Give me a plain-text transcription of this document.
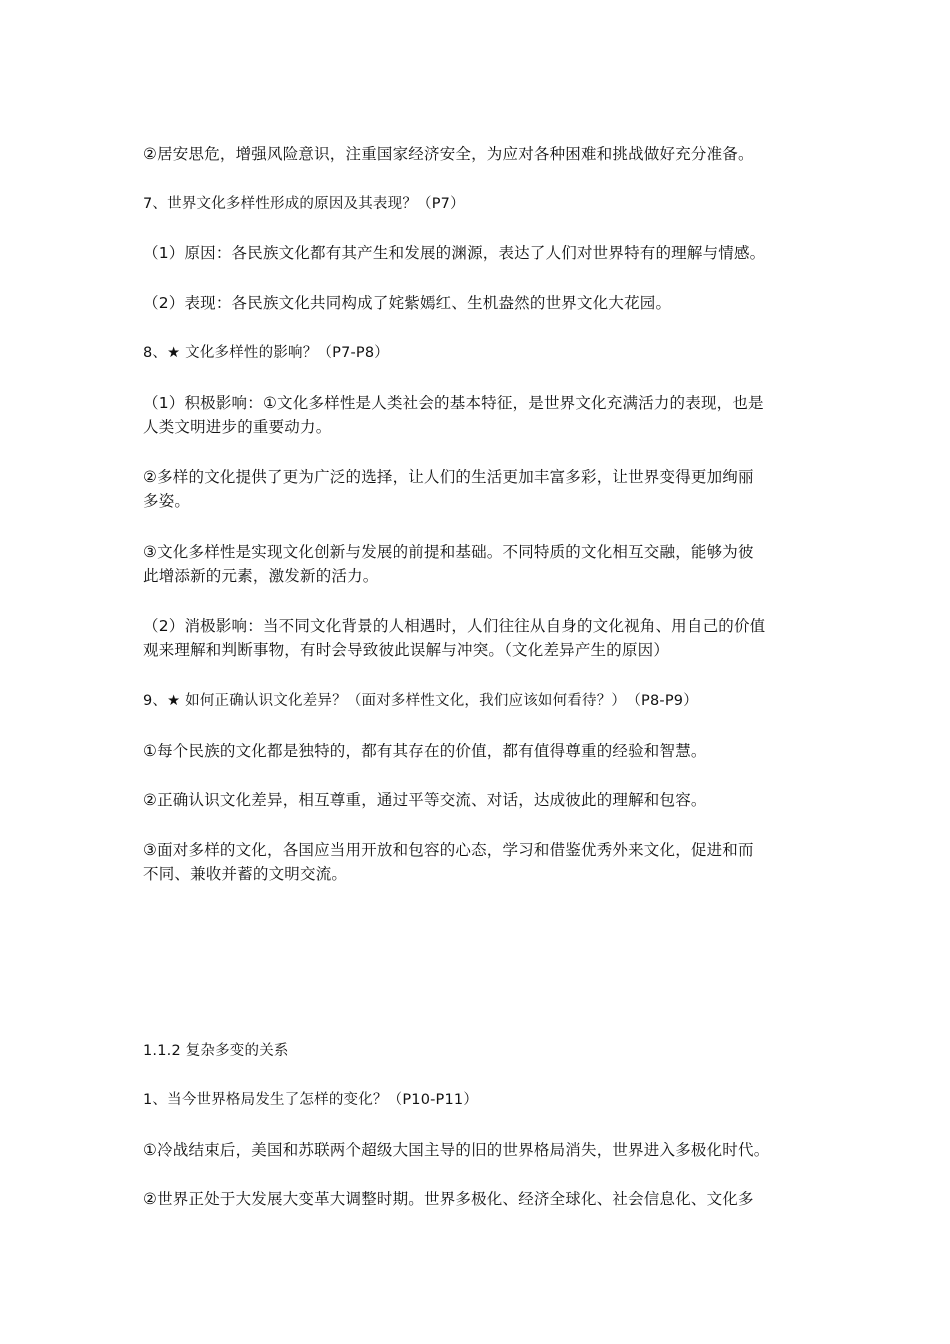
②居安思危，增强风险意识，注重国家经济安全，为应对各种困难和挑战做好充分准备。
7、世界文化多样性形成的原因及其表现？（P7）
（1）原因：各民族文化都有其产生和发展的渊源，表达了人们对世界特有的理解与情感。
（2）表现：各民族文化共同构成了姹紫嫣红、生机盎然的世界文化大花园。
8、★ 文化多样性的影响？（P7-P8）
（1）积极影响：①文化多样性是人类社会的基本特征，是世界文化充满活力的表现，也是
人类文明进步的重要动力。
②多样的文化提供了更为广泛的选择，让人们的生活更加丰富多彩，让世界变得更加绚丽
多姿。
③文化多样性是实现文化创新与发展的前提和基础。不同特质的文化相互交融，能够为彼
此增添新的元素，激发新的活力。
（2）消极影响：当不同文化背景的人相遇时，人们往往从自身的文化视角、用自己的价值
观来理解和判断事物，有时会导致彼此误解与冲突。（文化差异产生的原因）
9、★ 如何正确认识文化差异？（面对多样性文化，我们应该如何看待？）　（P8-P9）
①每个民族的文化都是独特的，都有其存在的价值，都有值得尊重的经验和智慧。
②正确认识文化差异，相互尊重，通过平等交流、对话，达成彼此的理解和包容。
③面对多样的文化，各国应当用开放和包容的心态，学习和借鉴优秀外来文化，促进和而
不同、兼收并蓄的文明交流。
1.1.2 复杂多变的关系
1、当今世界格局发生了怎样的变化？（P10-P11）
①冷战结束后，美国和苏联两个超级大国主导的旧的世界格局消失，世界进入多极化时代。
②世界正处于大发展大变革大调整时期。世界多极化、经济全球化、社会信息化、文化多
